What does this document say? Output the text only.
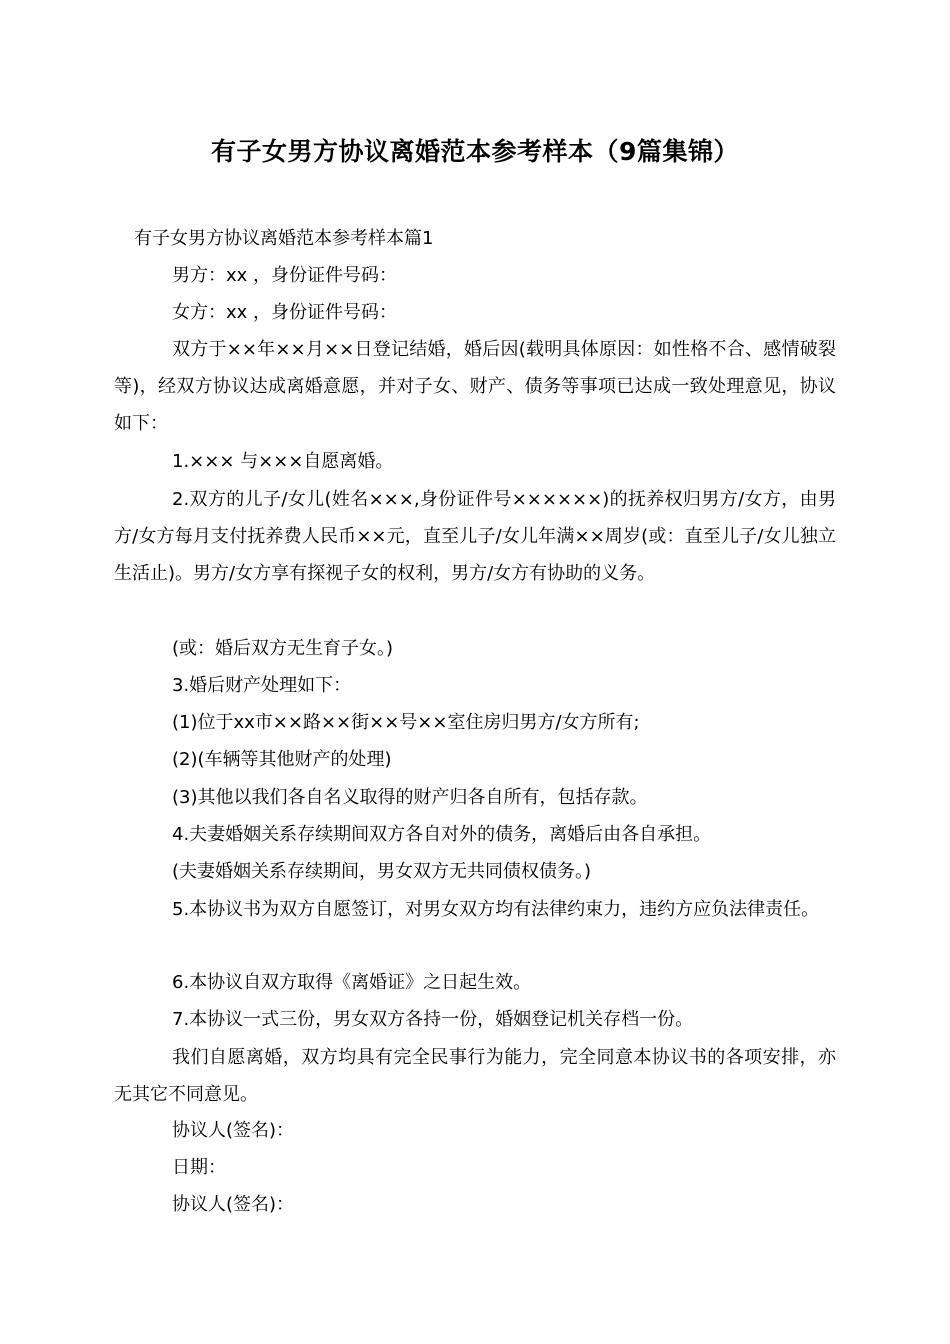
有子女男方协议离婚范本参考样本（9篇集锦）
有子女男方协议离婚范本参考样本篇1
男方：xx ，身份证件号码：
女方：xx ，身份证件号码：
双方于××年××月××日登记结婚，婚后因(载明具体原因：如性格不合、感情破裂等)，经双方协议达成离婚意愿，并对子女、财产、债务等事项已达成一致处理意见，协议如下：
1.××× 与×××自愿离婚。
2.双方的儿子/女儿(姓名×××,身份证件号××××××)的抚养权归男方/女方，由男方/女方每月支付抚养费人民币××元，直至儿子/女儿年满××周岁(或：直至儿子/女儿独立生活止)。男方/女方享有探视子女的权利，男方/女方有协助的义务。
(或：婚后双方无生育子女。)
3.婚后财产处理如下：
(1)位于xx市××路××街××号××室住房归男方/女方所有;
(2)(车辆等其他财产的处理)
(3)其他以我们各自名义取得的财产归各自所有，包括存款。
4.夫妻婚姻关系存续期间双方各自对外的债务，离婚后由各自承担。
(夫妻婚姻关系存续期间，男女双方无共同债权债务。)
5.本协议书为双方自愿签订，对男女双方均有法律约束力，违约方应负法律责任。
6.本协议自双方取得《离婚证》之日起生效。
7.本协议一式三份，男女双方各持一份，婚姻登记机关存档一份。
我们自愿离婚，双方均具有完全民事行为能力，完全同意本协议书的各项安排，亦无其它不同意见。
协议人(签名)：
日期：
协议人(签名)：
